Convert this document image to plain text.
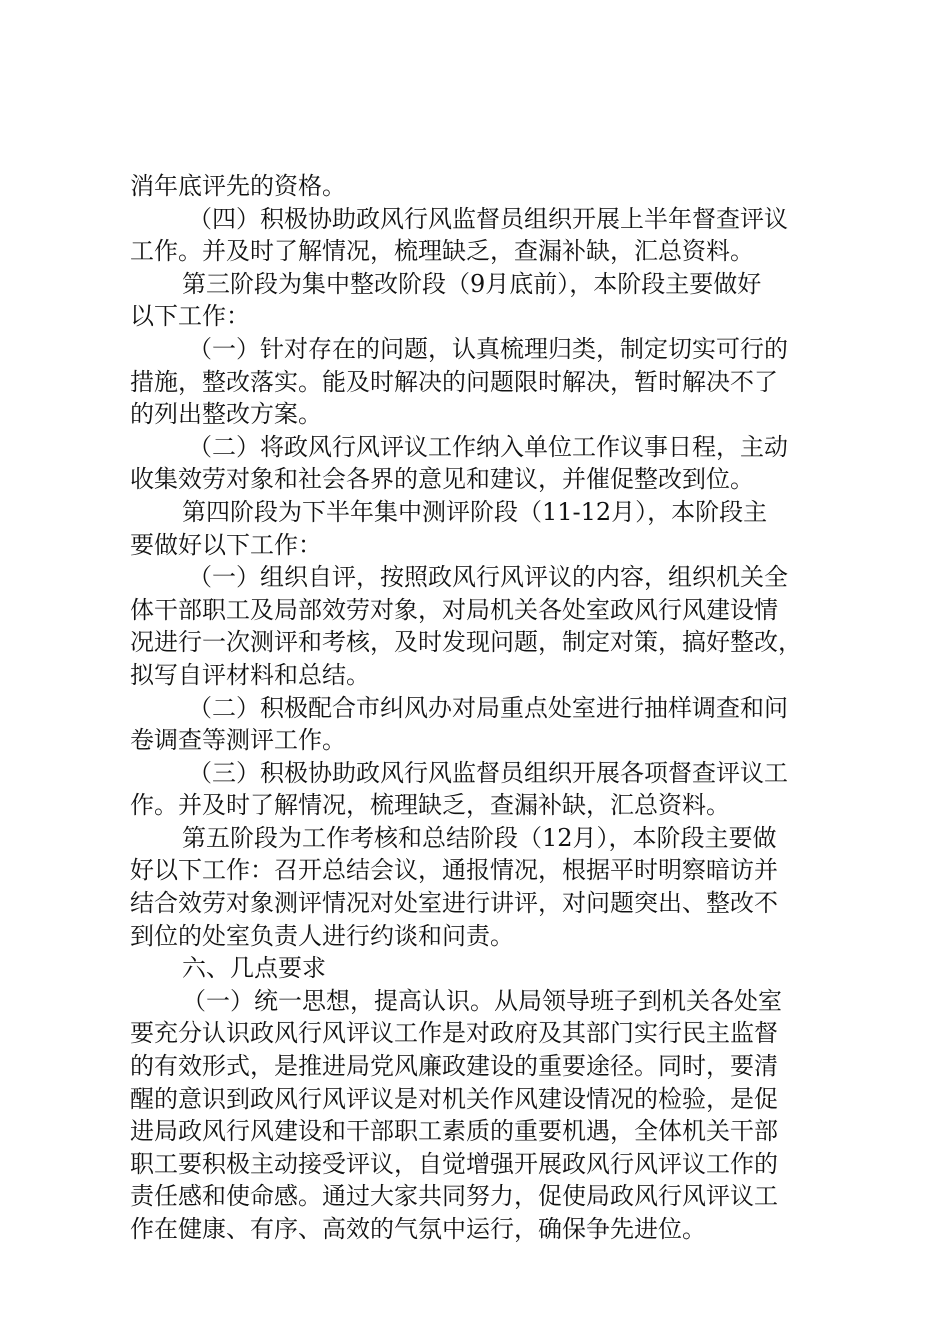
消年底评先的资格。
（四）积极协助政风行风监督员组织开展上半年督查评议
工作。并及时了解情况，梳理缺乏，查漏补缺，汇总资料。
第三阶段为集中整改阶段（9月底前），本阶段主要做好
以下工作：
（一）针对存在的问题，认真梳理归类，制定切实可行的
措施，整改落实。能及时解决的问题限时解决，暂时解决不了
的列出整改方案。
（二）将政风行风评议工作纳入单位工作议事日程，主动
收集效劳对象和社会各界的意见和建议，并催促整改到位。
第四阶段为下半年集中测评阶段（11-12月），本阶段主
要做好以下工作：
（一）组织自评，按照政风行风评议的内容，组织机关全
体干部职工及局部效劳对象，对局机关各处室政风行风建设情
况进行一次测评和考核，及时发现问题，制定对策，搞好整改，
拟写自评材料和总结。
（二）积极配合市纠风办对局重点处室进行抽样调查和问
卷调查等测评工作。
（三）积极协助政风行风监督员组织开展各项督查评议工
作。并及时了解情况，梳理缺乏，查漏补缺，汇总资料。
第五阶段为工作考核和总结阶段（12月），本阶段主要做
好以下工作：召开总结会议，通报情况，根据平时明察暗访并
结合效劳对象测评情况对处室进行讲评，对问题突出、整改不
到位的处室负责人进行约谈和问责。
六、几点要求
（一）统一思想，提高认识。从局领导班子到机关各处室
要充分认识政风行风评议工作是对政府及其部门实行民主监督
的有效形式，是推进局党风廉政建设的重要途径。同时，要清
醒的意识到政风行风评议是对机关作风建设情况的检验，是促
进局政风行风建设和干部职工素质的重要机遇，全体机关干部
职工要积极主动接受评议，自觉增强开展政风行风评议工作的
责任感和使命感。通过大家共同努力，促使局政风行风评议工
作在健康、有序、高效的气氛中运行，确保争先进位。
